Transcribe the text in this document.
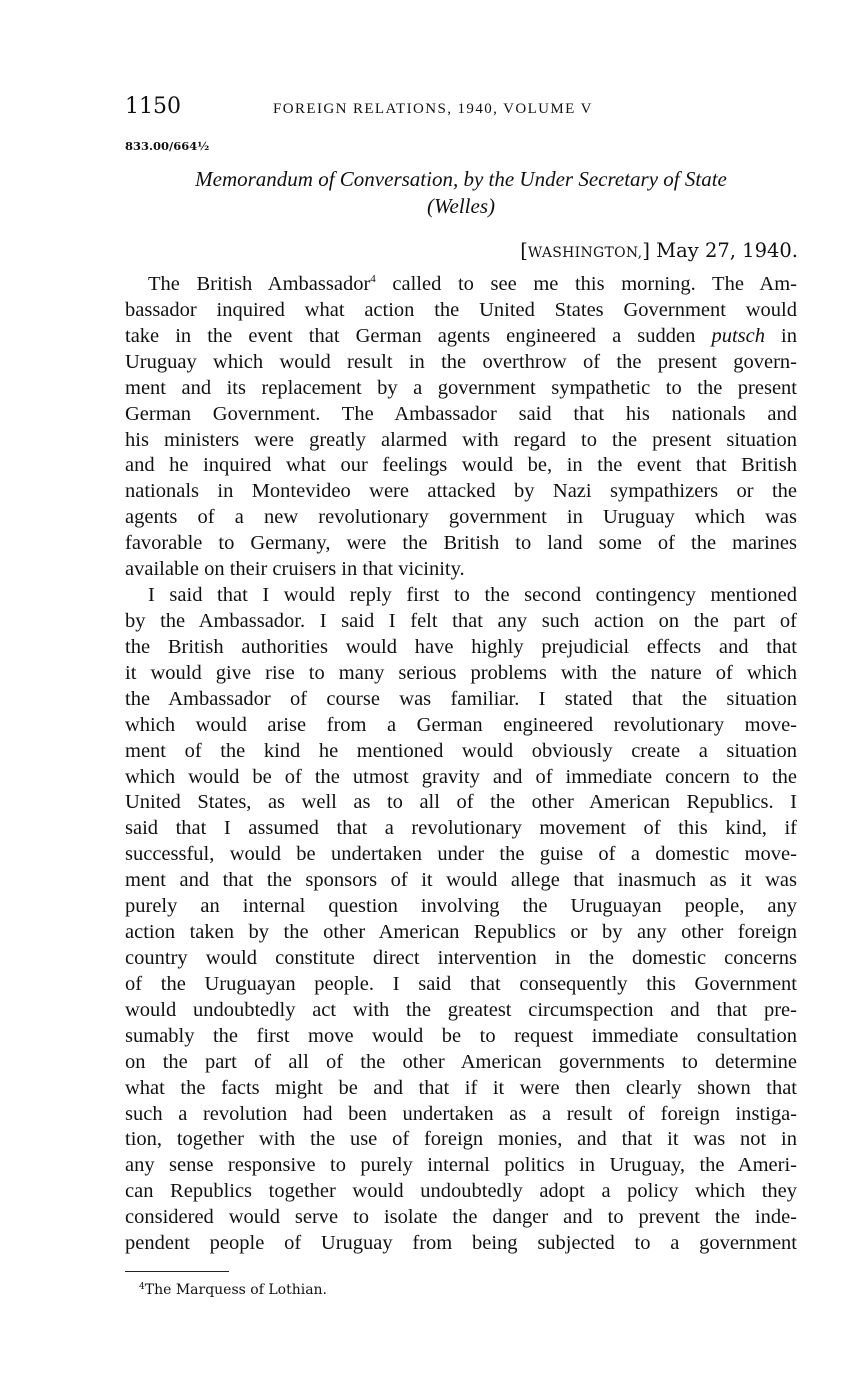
1150	FOREIGN RELATIONS, 1940, VOLUME V
833.00/664½
Memorandum of Conversation, by the Under Secretary of State
(Welles)
[WASHINGTON,] May 27, 1940.
The British Ambassador$^4$ called to see me this morning. The Am-
bassador inquired what action the United States Government would
take in the event that German agents engineered a sudden putsch in
Uruguay which would result in the overthrow of the present govern-
ment and its replacement by a government sympathetic to the present
German Government. The Ambassador said that his nationals and
his ministers were greatly alarmed with regard to the present situation
and he inquired what our feelings would be, in the event that British
nationals in Montevideo were attacked by Nazi sympathizers or the
agents of a new revolutionary government in Uruguay which was
favorable to Germany, were the British to land some of the marines
available on their cruisers in that vicinity.
I said that I would reply first to the second contingency mentioned
by the Ambassador. I said I felt that any such action on the part of
the British authorities would have highly prejudicial effects and that
it would give rise to many serious problems with the nature of which
the Ambassador of course was familiar. I stated that the situation
which would arise from a German engineered revolutionary move-
ment of the kind he mentioned would obviously create a situation
which would be of the utmost gravity and of immediate concern to the
United States, as well as to all of the other American Republics. I
said that I assumed that a revolutionary movement of this kind, if
successful, would be undertaken under the guise of a domestic move-
ment and that the sponsors of it would allege that inasmuch as it was
purely an internal question involving the Uruguayan people, any
action taken by the other American Republics or by any other foreign
country would constitute direct intervention in the domestic concerns
of the Uruguayan people. I said that consequently this Government
would undoubtedly act with the greatest circumspection and that pre-
sumably the first move would be to request immediate consultation
on the part of all of the other American governments to determine
what the facts might be and that if it were then clearly shown that
such a revolution had been undertaken as a result of foreign instiga-
tion, together with the use of foreign monies, and that it was not in
any sense responsive to purely internal politics in Uruguay, the Ameri-
can Republics together would undoubtedly adopt a policy which they
considered would serve to isolate the danger and to prevent the inde-
pendent people of Uruguay from being subjected to a government
$^4$The Marquess of Lothian.
